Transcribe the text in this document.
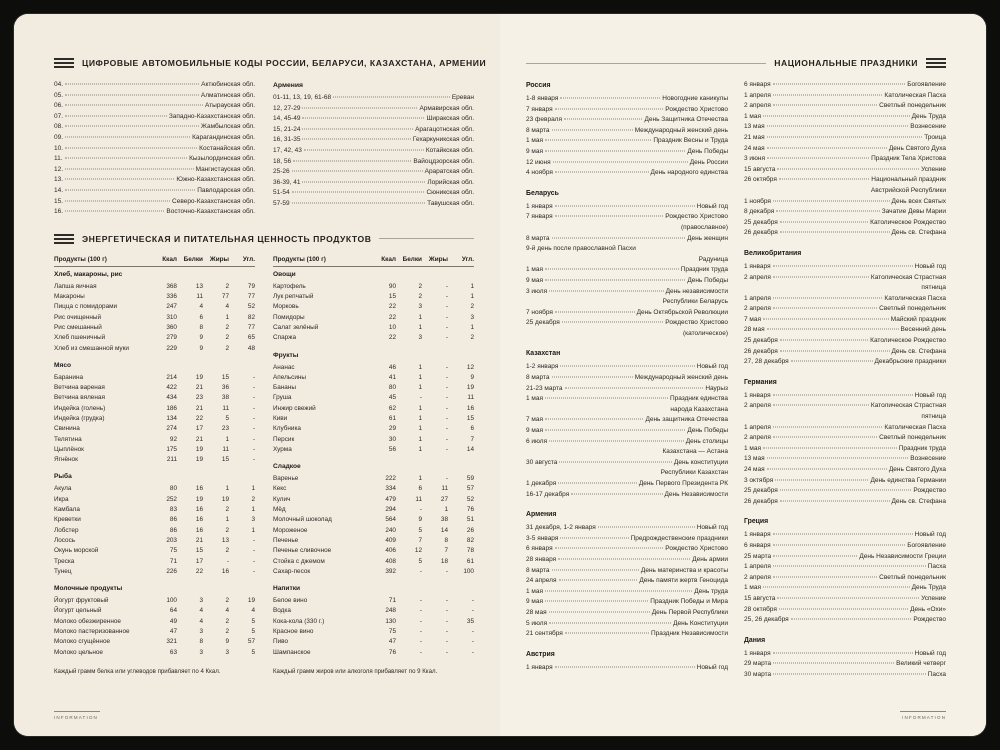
ЦИФРОВЫЕ АВТОМОБИЛЬНЫЕ КОДЫ РОССИИ, БЕЛАРУСИ, КАЗАХСТАНА, АРМЕНИИ
04.	Актюбинская обл.
05.	Алматинская обл.
06.	Атырауская обл.
07.	Западно-Казахстанская обл.
08.	Жамбылская обл.
09.	Карагандинская обл.
10.	Костанайская обл.
11.	Кызылординская обл.
12.	Мангистауская обл.
13.	Южно-Казахстанская обл.
14.	Павлодарская обл.
15.	Северо-Казахстанская обл.
16.	Восточно-Казахстанская обл.
Армения
01-11, 13, 19, 61-68	Ереван
12, 27-29	Армавирская обл.
14, 45-49	Ширакская обл.
15, 21-24	Арагацотнская обл.
16, 31-35	Гехаркуникская обл.
17, 42, 43	Котайкская обл.
18, 56	Вайоцдзорская обл.
25-26	Араратская обл.
36-39, 41	Лорийская обл.
51-54	Сюникская обл.
57-59	Тавушская обл.
ЭНЕРГЕТИЧЕСКАЯ И ПИТАТЕЛЬНАЯ ЦЕННОСТЬ ПРОДУКТОВ
Продукты (100 г)	Ккал	Белки	Жиры	Угл.
Хлеб, макароны, рис
Лапша яичная	368	13	2	79
Макароны	336	11	77	77
Пицца с помидорами	247	4	4	52
Рис очищенный	310	6	1	82
Рис смешанный	360	8	2	77
Хлеб пшеничный	279	9	2	65
Хлеб из смешанной муки	229	9	2	48
Мясо
Баранина	214	19	15	-
Ветчина вареная	422	21	36	-
Ветчина вяленая	434	23	38	-
Индейка (голень)	186	21	11	-
Индейка (грудка)	134	22	5	-
Свинина	274	17	23	-
Телятина	92	21	1	-
Цыплёнок	175	19	11	-
Ягнёнок	211	19	15	-
Рыба
Акула	80	16	1	1
Икра	252	19	19	2
Камбала	83	16	2	1
Креветки	86	16	1	3
Лобстер	86	16	2	1
Лосось	203	21	13	-
Окунь морской	75	15	2	-
Треска	71	17	-	-
Тунец	226	22	16	-
Молочные продукты
Йогурт фруктовый	100	3	2	19
Йогурт цельный	64	4	4	4
Молоко обезжиренное	49	4	2	5
Молоко пастеризованное	47	3	2	5
Молоко сгущённое	321	8	9	57
Молоко цельное	63	3	3	5
Продукты (100 г)	Ккал	Белки	Жиры	Угл.
Овощи
Картофель	90	2	-	1
Лук репчатый	15	2	-	1
Морковь	22	3	-	2
Помидоры	22	1	-	3
Салат зелёный	10	1	-	1
Спаржа	22	3	-	2
Фрукты
Ананас	46	1	-	12
Апельсины	41	1	-	9
Бананы	80	1	-	19
Груша	45	-	-	11
Инжир свежий	62	1	-	16
Киви	61	1	-	15
Клубника	29	1	-	6
Персик	30	1	-	7
Хурма	56	1	-	14
Сладкое
Варенье	222	1	-	59
Кекс	334	6	11	57
Кулич	479	11	27	52
Мёд	294	-	1	76
Молочный шоколад	564	9	38	51
Мороженое	240	5	14	26
Печенье	409	7	8	82
Печенье сливочное	406	12	7	78
Стойка с джемом	408	5	18	61
Сахар-песок	392	-	-	100
Напитки
Белое вино	71	-	-	-
Водка	248	-	-	-
Кока-кола (330 г.)	130	-	-	35
Красное вино	75	-	-	-
Пиво	47	-	-	-
Шампанское	76	-	-	-
Каждый грамм белка или углеводов прибавляет по 4 Ккал.	Каждый грамм жиров или алкоголя прибавляет по 9 Ккал.
INFORMATION
НАЦИОНАЛЬНЫЕ ПРАЗДНИКИ
Россия
1-8 января	Новогодние каникулы
7 января	Рождество Христово
23 февраля	День Защитника Отечества
8 марта	Международный женский день
1 мая	Праздник Весны и Труда
9 мая	День Победы
12 июня	День России
4 ноября	День народного единства
Беларусь
1 января	Новый год
7 января	Рождество Христово
(православное)
8 марта	День женщин
9-й день после православной Пасхи
Радуница
1 мая	Праздник труда
9 мая	День Победы
3 июля	День независимости
Республики Беларусь
7 ноября	День Октябрьской Революции
25 декабря	Рождество Христово
(католическое)
Казахстан
1-2 января	Новый год
8 марта	Международный женский день
21-23 марта	Наурыз
1 мая	Праздник единства
народа Казахстана
7 мая	День защитника Отечества
9 мая	День Победы
6 июля	День столицы
Казахстана — Астана
30 августа	День конституции
Республики Казахстан
1 декабря	День Первого Президента РК
16-17 декабря	День Независимости
Армения
31 декабря, 1-2 января	Новый год
3-5 января	Предрождественские праздники
6 января	Рождество Христово
28 января	День армии
8 марта	День материнства и красоты
24 апреля	День памяти жертв Геноцида
1 мая	День труда
9 мая	Праздник Победы и Мира
28 мая	День Первой Республики
5 июля	День Конституции
21 сентября	Праздник Независимости
Австрия
1 января	Новый год
6 января	Богоявление
1 апреля	Католическая Пасха
2 апреля	Светлый понедельник
1 мая	День Труда
13 мая	Вознесение
21 мая	Троица
24 мая	День Святого Духа
3 июня	Праздник Тела Христова
15 августа	Успение
26 октября	Национальный праздник
Австрийской Республики
1 ноября	День всех Святых
8 декабря	Зачатие Девы Марии
25 декабря	Католическое Рождество
26 декабря	День св. Стефана
Великобритания
1 января	Новый год
2 апреля	Католическая Страстная
пятница
1 апреля	Католическая Пасха
2 апреля	Светлый понедельник
7 мая	Майский праздник
28 мая	Весенний день
25 декабря	Католическое Рождество
26 декабря	День св. Стефана
27, 28 декабря	Декабрьские праздники
Германия
1 января	Новый год
2 апреля	Католическая Страстная
пятница
1 апреля	Католическая Пасха
2 апреля	Светлый понедельник
1 мая	Праздник труда
13 мая	Вознесение
24 мая	День Святого Духа
3 октября	День единства Германии
25 декабря	Рождество
26 декабря	День св. Стефана
Греция
1 января	Новый год
6 января	Богоявление
25 марта	День Независимости Греции
1 апреля	Пасха
2 апреля	Светлый понедельник
1 мая	День Труда
15 августа	Успение
28 октября	День «Охи»
25, 26 декабря	Рождество
Дания
1 января	Новый год
29 марта	Великий четверг
30 марта	Пасха
INFORMATION
